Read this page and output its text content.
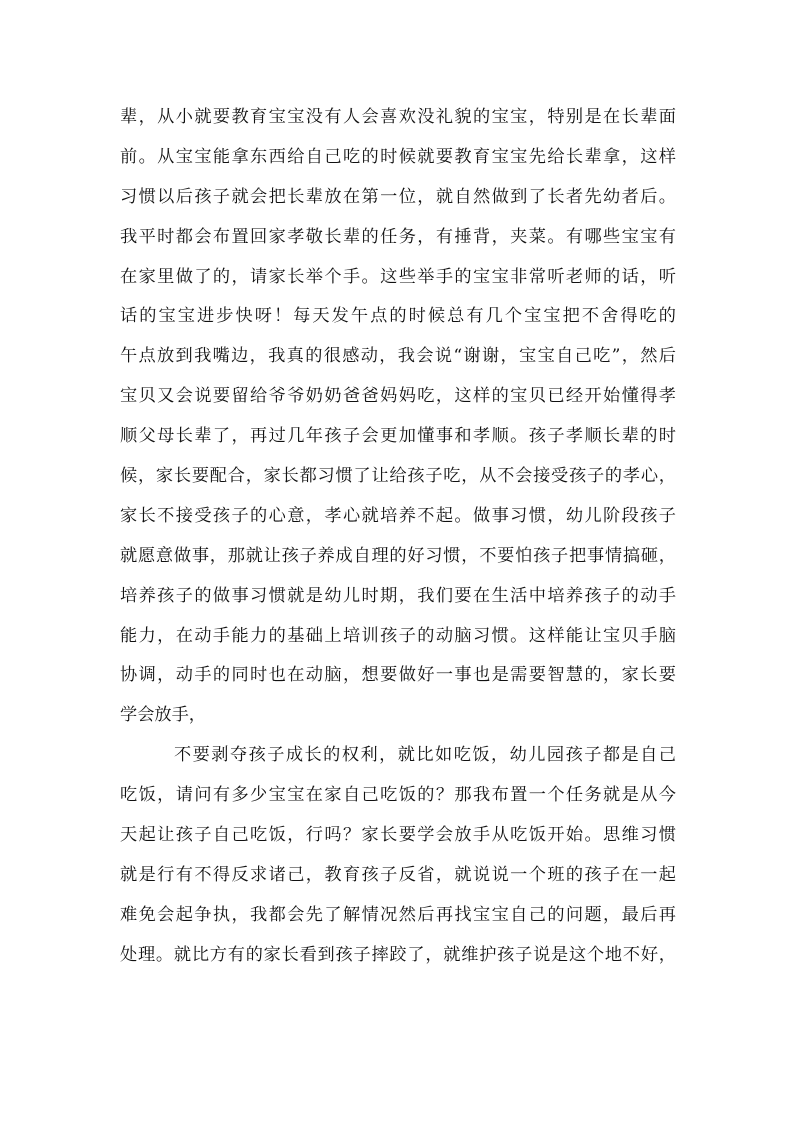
辈，从小就要教育宝宝没有人会喜欢没礼貌的宝宝，特别是在长辈面
前。从宝宝能拿东西给自己吃的时候就要教育宝宝先给长辈拿，这样
习惯以后孩子就会把长辈放在第一位，就自然做到了长者先幼者后。
我平时都会布置回家孝敬长辈的任务，有捶背，夹菜。有哪些宝宝有
在家里做了的，请家长举个手。这些举手的宝宝非常听老师的话，听
话的宝宝进步快呀！每天发午点的时候总有几个宝宝把不舍得吃的
午点放到我嘴边，我真的很感动，我会说“谢谢，宝宝自己吃”，然后
宝贝又会说要留给爷爷奶奶爸爸妈妈吃，这样的宝贝已经开始懂得孝
顺父母长辈了，再过几年孩子会更加懂事和孝顺。孩子孝顺长辈的时
候，家长要配合，家长都习惯了让给孩子吃，从不会接受孩子的孝心，
家长不接受孩子的心意，孝心就培养不起。做事习惯，幼儿阶段孩子
就愿意做事，那就让孩子养成自理的好习惯，不要怕孩子把事情搞砸，
培养孩子的做事习惯就是幼儿时期，我们要在生活中培养孩子的动手
能力，在动手能力的基础上培训孩子的动脑习惯。这样能让宝贝手脑
协调，动手的同时也在动脑，想要做好一事也是需要智慧的，家长要
学会放手，
不要剥夺孩子成长的权利，就比如吃饭，幼儿园孩子都是自己
吃饭，请问有多少宝宝在家自己吃饭的？那我布置一个任务就是从今
天起让孩子自己吃饭，行吗？家长要学会放手从吃饭开始。思维习惯
就是行有不得反求诸己，教育孩子反省，就说说一个班的孩子在一起
难免会起争执，我都会先了解情况然后再找宝宝自己的问题，最后再
处理。就比方有的家长看到孩子摔跤了，就维护孩子说是这个地不好，
